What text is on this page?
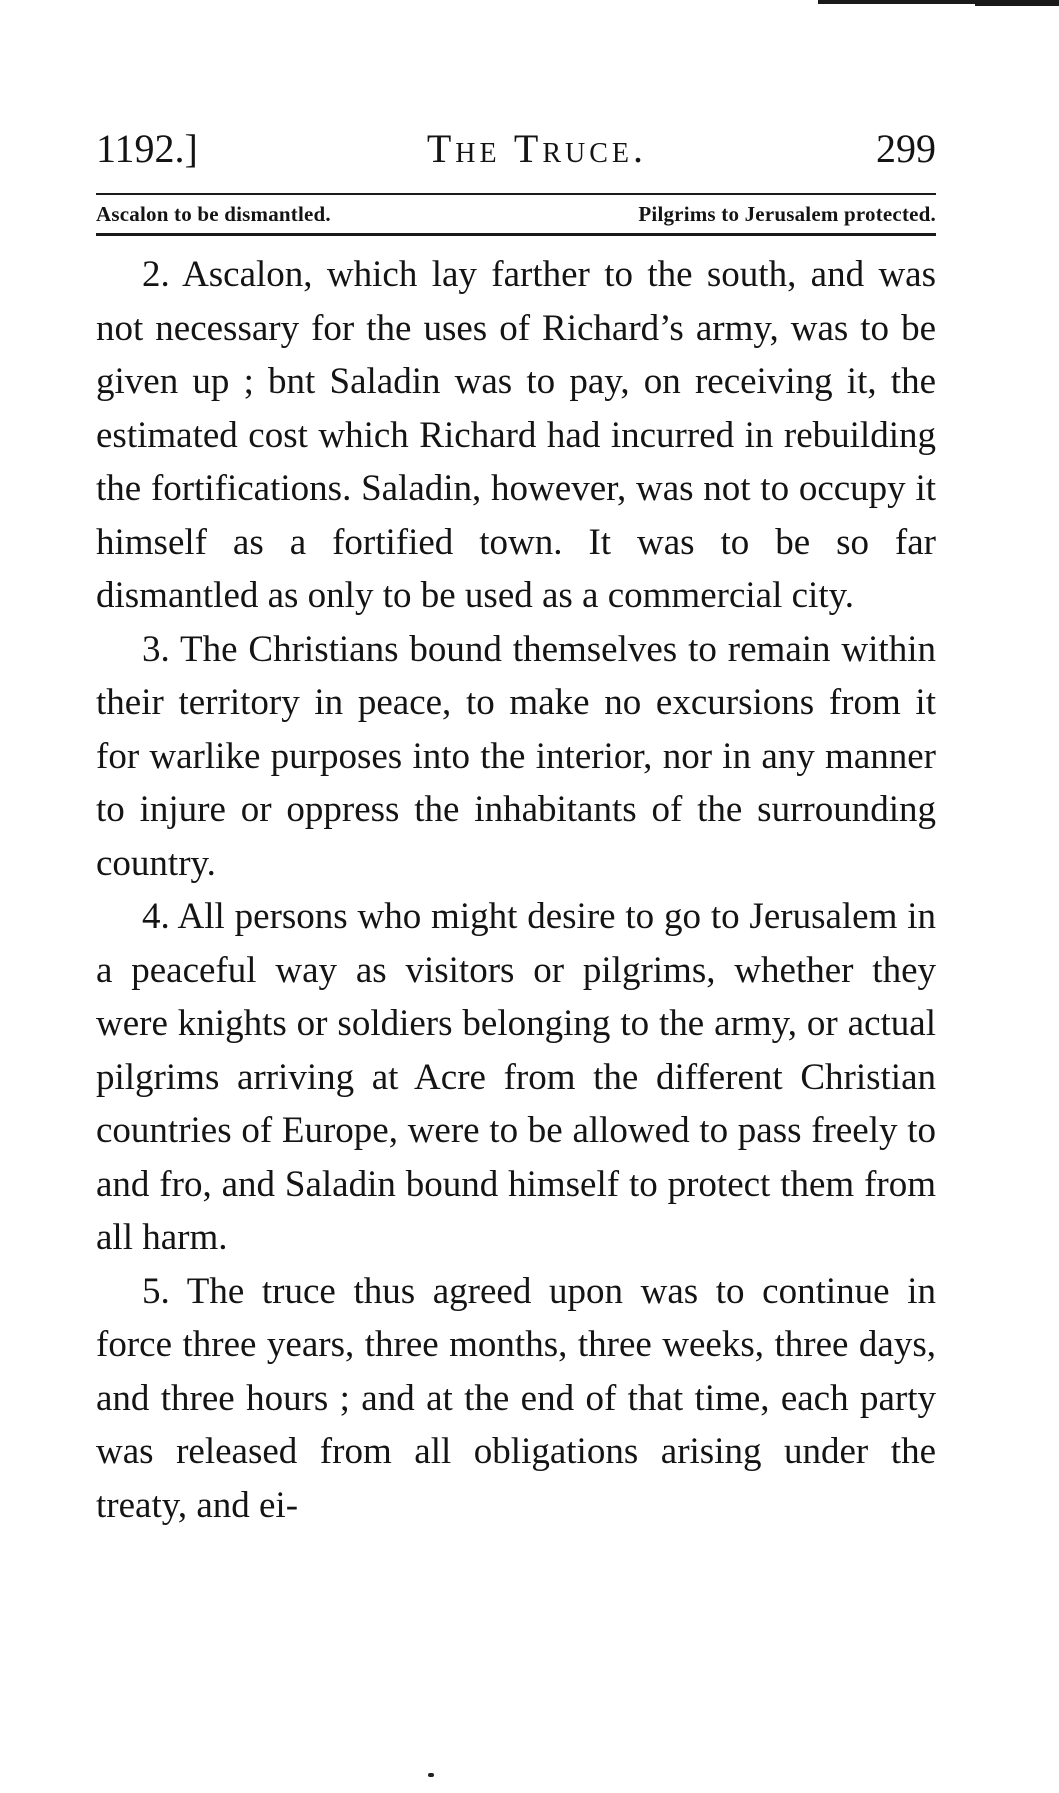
1192.]	The Truce.	299
Ascalon to be dismantled.	Pilgrims to Jerusalem protected.

2. Ascalon, which lay farther to the south, and was not necessary for the uses of Richard’s army, was to be given up ; bnt Saladin was to pay, on receiving it, the estimated cost which Richard had incurred in rebuilding the fortifications. Saladin, however, was not to occupy it himself as a fortified town. It was to be so far dismantled as only to be used as a commercial city.

3. The Christians bound themselves to remain within their territory in peace, to make no excursions from it for warlike purposes into the interior, nor in any manner to injure or oppress the inhabitants of the surrounding country.

4. All persons who might desire to go to Jerusalem in a peaceful way as visitors or pilgrims, whether they were knights or soldiers belonging to the army, or actual pilgrims arriving at Acre from the different Christian countries of Europe, were to be allowed to pass freely to and fro, and Saladin bound himself to protect them from all harm.

5. The truce thus agreed upon was to continue in force three years, three months, three weeks, three days, and three hours ; and at the end of that time, each party was released from all obligations arising under the treaty, and ei-
